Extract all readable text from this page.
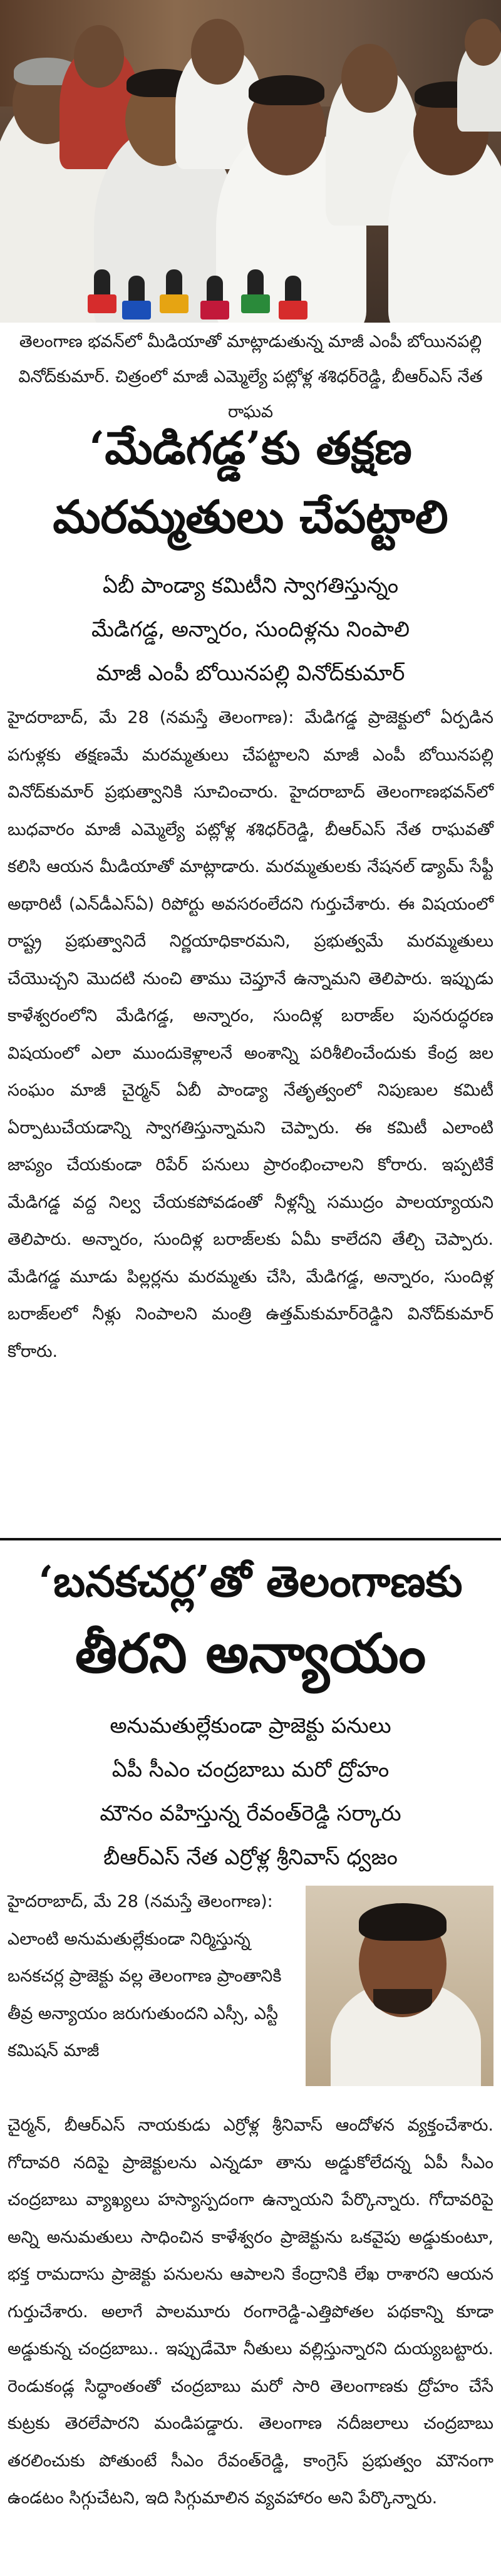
తెలంగాణ భవన్‌లో మీడియాతో మాట్లాడుతున్న మాజీ ఎంపీ బోయినపల్లి వినోద్‌కుమార్. చిత్రంలో మాజీ ఎమ్మెల్యే పట్లోళ్ల శశిధర్‌రెడ్డి, బీఆర్‌ఎస్ నేత రాఘవ
‘మేడిగడ్డ’కు తక్షణ
మరమ్మతులు చేపట్టాలి
ఏబీ పాండ్యా కమిటీని స్వాగతిస్తున్నం
మేడిగడ్డ, అన్నారం, సుందిళ్లను నింపాలి
మాజీ ఎంపీ బోయినపల్లి వినోద్‌కుమార్
హైదరాబాద్, మే 28 (నమస్తే తెలంగాణ): మేడిగడ్డ ప్రాజెక్టులో ఏర్పడిన పగుళ్లకు తక్షణమే మరమ్మతులు చేపట్టాలని మాజీ ఎంపీ బోయినపల్లి వినోద్‌కుమార్ ప్రభుత్వానికి సూచించారు. హైదరాబాద్ తెలంగాణభవన్‌లో బుధవారం మాజీ ఎమ్మెల్యే పట్లోళ్ల శశిధర్‌రెడ్డి, బీఆర్‌ఎస్ నేత రాఘవతో కలిసి ఆయన మీడియాతో మాట్లాడారు. మరమ్మతులకు నేషనల్ డ్యామ్ సేఫ్టీ అథారిటీ (ఎన్‌డీఎస్‌ఏ) రిపోర్టు అవసరంలేదని గుర్తుచేశారు. ఈ విషయంలో రాష్ట్ర ప్రభుత్వానిదే నిర్ణయాధికారమని, ప్రభుత్వమే మరమ్మతులు చేయొచ్చని మొదటి నుంచి తాము చెప్తూనే ఉన్నామని తెలిపారు. ఇప్పుడు కాళేశ్వరంలోని మేడిగడ్డ, అన్నారం, సుందిళ్ల బరాజ్‌ల పునరుద్ధరణ విషయంలో ఎలా ముందుకెళ్లాలనే అంశాన్ని పరిశీలించేందుకు కేంద్ర జల సంఘం మాజీ చైర్మన్ ఏబీ పాండ్యా నేతృత్వంలో నిపుణుల కమిటీ ఏర్పాటుచేయడాన్ని స్వాగతిస్తున్నామని చెప్పారు. ఈ కమిటీ ఎలాంటి జాప్యం చేయకుండా రిపేర్ పనులు ప్రారంభించాలని కోరారు. ఇప్పటికే మేడిగడ్డ వద్ద నిల్వ చేయకపోవడంతో నీళ్లన్నీ సముద్రం పాలయ్యాయని తెలిపారు. అన్నారం, సుందిళ్ల బరాజ్‌లకు ఏమీ కాలేదని తేల్చి చెప్పారు. మేడిగడ్డ మూడు పిల్లర్లను మరమ్మతు చేసి, మేడిగడ్డ, అన్నారం, సుందిళ్ల బరాజ్‌లలో నీళ్లు నింపాలని మంత్రి ఉత్తమ్‌కుమార్‌రెడ్డిని వినోద్‌కుమార్ కోరారు.
‘బనకచర్ల’తో తెలంగాణకు
తీరని అన్యాయం
అనుమతుల్లేకుండా ప్రాజెక్టు పనులు
ఏపీ సీఎం చంద్రబాబు మరో ద్రోహం
మౌనం వహిస్తున్న రేవంత్‌రెడ్డి సర్కారు
బీఆర్‌ఎస్ నేత ఎర్రోళ్ల శ్రీనివాస్ ధ్వజం
హైదరాబాద్, మే 28 (నమస్తే తెలంగాణ): ఎలాంటి అనుమతుల్లేకుండా నిర్మిస్తున్న బనకచర్ల ప్రాజెక్టు వల్ల తెలంగాణ ప్రాంతానికి తీవ్ర అన్యాయం జరుగుతుందని ఎస్సీ, ఎస్టీ కమిషన్ మాజీ
చైర్మన్, బీఆర్‌ఎస్ నాయకుడు ఎర్రోళ్ల శ్రీనివాస్ ఆందోళన వ్యక్తంచేశారు. గోదావరి నదిపై ప్రాజెక్టులను ఎన్నడూ తాను అడ్డుకోలేదన్న ఏపీ సీఎం చంద్రబాబు వ్యాఖ్యలు హస్యాస్పదంగా ఉన్నాయని పేర్కొన్నారు. గోదావరిపై అన్ని అనుమతులు సాధించిన కాళేశ్వరం ప్రాజెక్టును ఒకవైపు అడ్డుకుంటూ, భక్త రామదాసు ప్రాజెక్టు పనులను ఆపాలని కేంద్రానికి లేఖ రాశారని ఆయన గుర్తుచేశారు. అలాగే పాలమూరు రంగారెడ్డి-ఎత్తిపోతల పథకాన్ని కూడా అడ్డుకున్న చంద్రబాబు.. ఇప్పుడేమో నీతులు వల్లిస్తున్నారని దుయ్యబట్టారు. రెండుకండ్ల సిద్ధాంతంతో చంద్రబాబు మరో సారి తెలంగాణకు ద్రోహం చేసే కుట్రకు తెరలేపారని మండిపడ్డారు. తెలంగాణ నదీజలాలు చంద్రబాబు తరలించుకు పోతుంటే సీఎం రేవంత్‌రెడ్డి, కాంగ్రెస్ ప్రభుత్వం మౌనంగా ఉండటం సిగ్గుచేటని, ఇది సిగ్గుమాలిన వ్యవహారం అని పేర్కొన్నారు.
